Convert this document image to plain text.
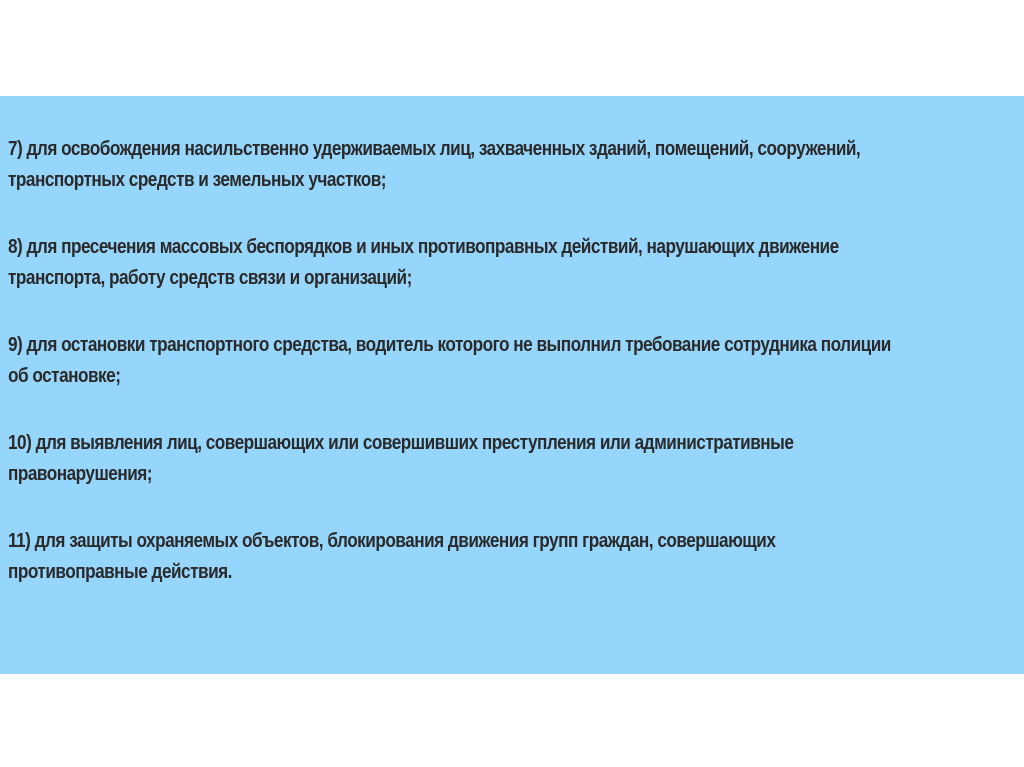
7) для освобождения насильственно удерживаемых лиц, захваченных зданий, помещений, сооружений,
транспортных средств и земельных участков;
8) для пресечения массовых беспорядков и иных противоправных действий, нарушающих движение
транспорта, работу средств связи и организаций;
9) для остановки транспортного средства, водитель которого не выполнил требование сотрудника полиции
об остановке;
10) для выявления лиц, совершающих или совершивших преступления или административные
правонарушения;
11) для защиты охраняемых объектов, блокирования движения групп граждан, совершающих
противоправные действия.
